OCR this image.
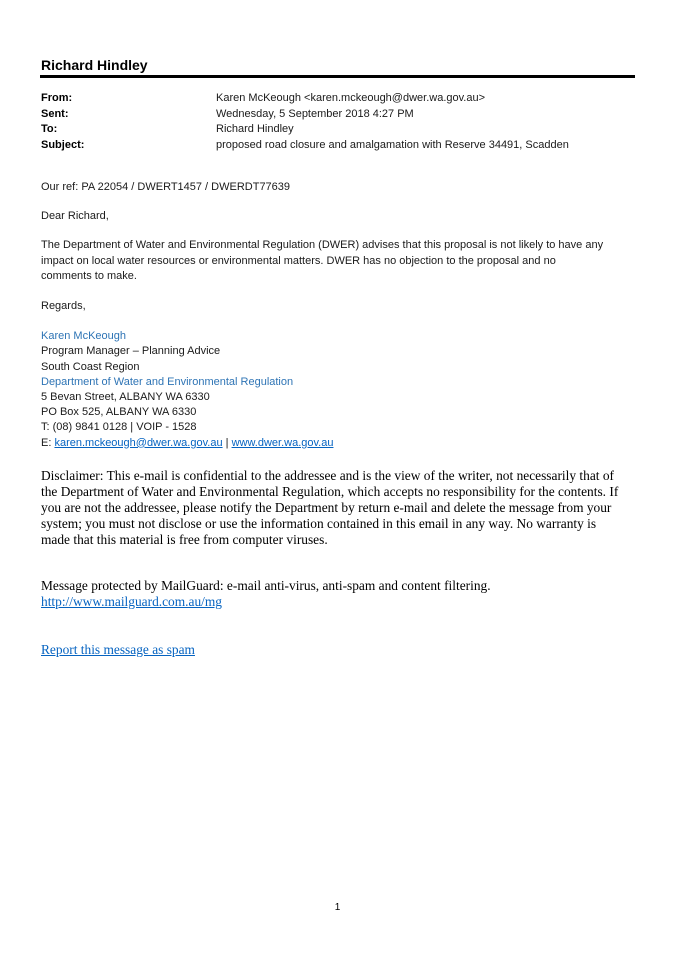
Richard Hindley
From:	Karen McKeough <karen.mckeough@dwer.wa.gov.au>
Sent:	Wednesday, 5 September 2018 4:27 PM
To:	Richard Hindley
Subject:	proposed road closure and amalgamation with Reserve 34491, Scadden

Our ref: PA 22054 / DWERT1457 / DWERDT77639

Dear Richard,

The Department of Water and Environmental Regulation (DWER) advises that this proposal is not likely to have any
impact on local water resources or environmental matters. DWER has no objection to the proposal and no
comments to make.

Regards,

Karen McKeough
Program Manager – Planning Advice
South Coast Region
Department of Water and Environmental Regulation
5 Bevan Street, ALBANY WA 6330
PO Box 525, ALBANY WA 6330
T: (08) 9841 0128 | VOIP - 1528
E: karen.mckeough@dwer.wa.gov.au | www.dwer.wa.gov.au
Disclaimer: This e-mail is confidential to the addressee and is the view of the writer, not necessarily that of
the Department of Water and Environmental Regulation, which accepts no responsibility for the contents. If
you are not the addressee, please notify the Department by return e-mail and delete the message from your
system; you must not disclose or use the information contained in this email in any way. No warranty is
made that this material is free from computer viruses.
Message protected by MailGuard: e-mail anti-virus, anti-spam and content filtering.
http://www.mailguard.com.au/mg
Report this message as spam
1
